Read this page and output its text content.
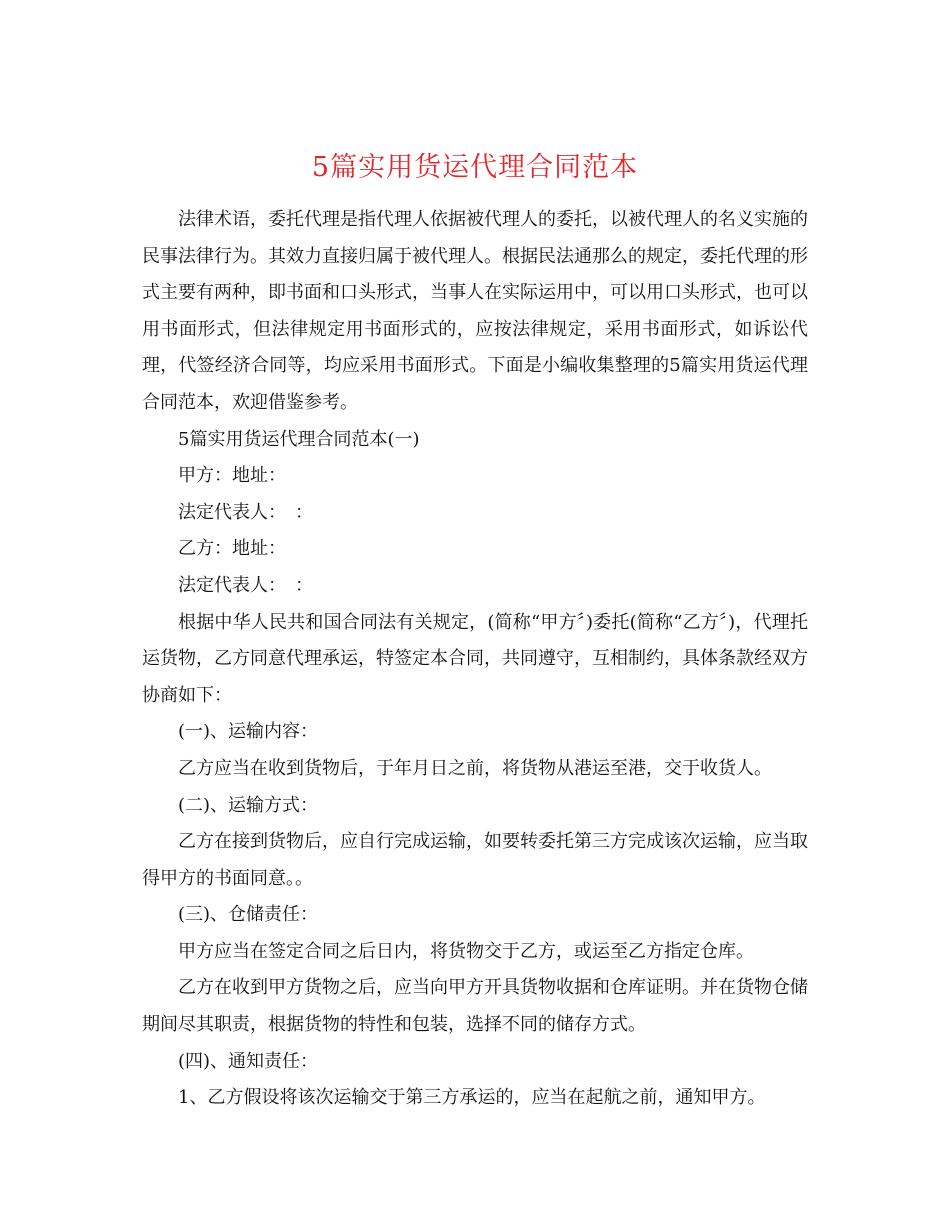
5篇实用货运代理合同范本

法律术语，委托代理是指代理人依据被代理人的委托，以被代理人的名义实施的民事法律行为。其效力直接归属于被代理人。根据民法通那么的规定，委托代理的形式主要有两种，即书面和口头形式，当事人在实际运用中，可以用口头形式，也可以用书面形式，但法律规定用书面形式的，应按法律规定，采用书面形式，如诉讼代理，代签经济合同等，均应采用书面形式。下面是小编收集整理的5篇实用货运代理合同范本，欢迎借鉴参考。

5篇实用货运代理合同范本(一)

甲方：地址：

法定代表人：　：

乙方：地址：

法定代表人：　：

根据中华人民共和国合同法有关规定，(简称“甲方〞)委托(简称“乙方〞)，代理托运货物，乙方同意代理承运，特签定本合同，共同遵守，互相制约，具体条款经双方协商如下：

(一)、运输内容：

乙方应当在收到货物后，于年月日之前，将货物从港运至港，交于收货人。

(二)、运输方式：

乙方在接到货物后，应自行完成运输，如要转委托第三方完成该次运输，应当取得甲方的书面同意。。

(三)、仓储责任：

甲方应当在签定合同之后日内，将货物交于乙方，或运至乙方指定仓库。

乙方在收到甲方货物之后，应当向甲方开具货物收据和仓库证明。并在货物仓储期间尽其职责，根据货物的特性和包装，选择不同的储存方式。

(四)、通知责任：

1、乙方假设将该次运输交于第三方承运的，应当在起航之前，通知甲方。
